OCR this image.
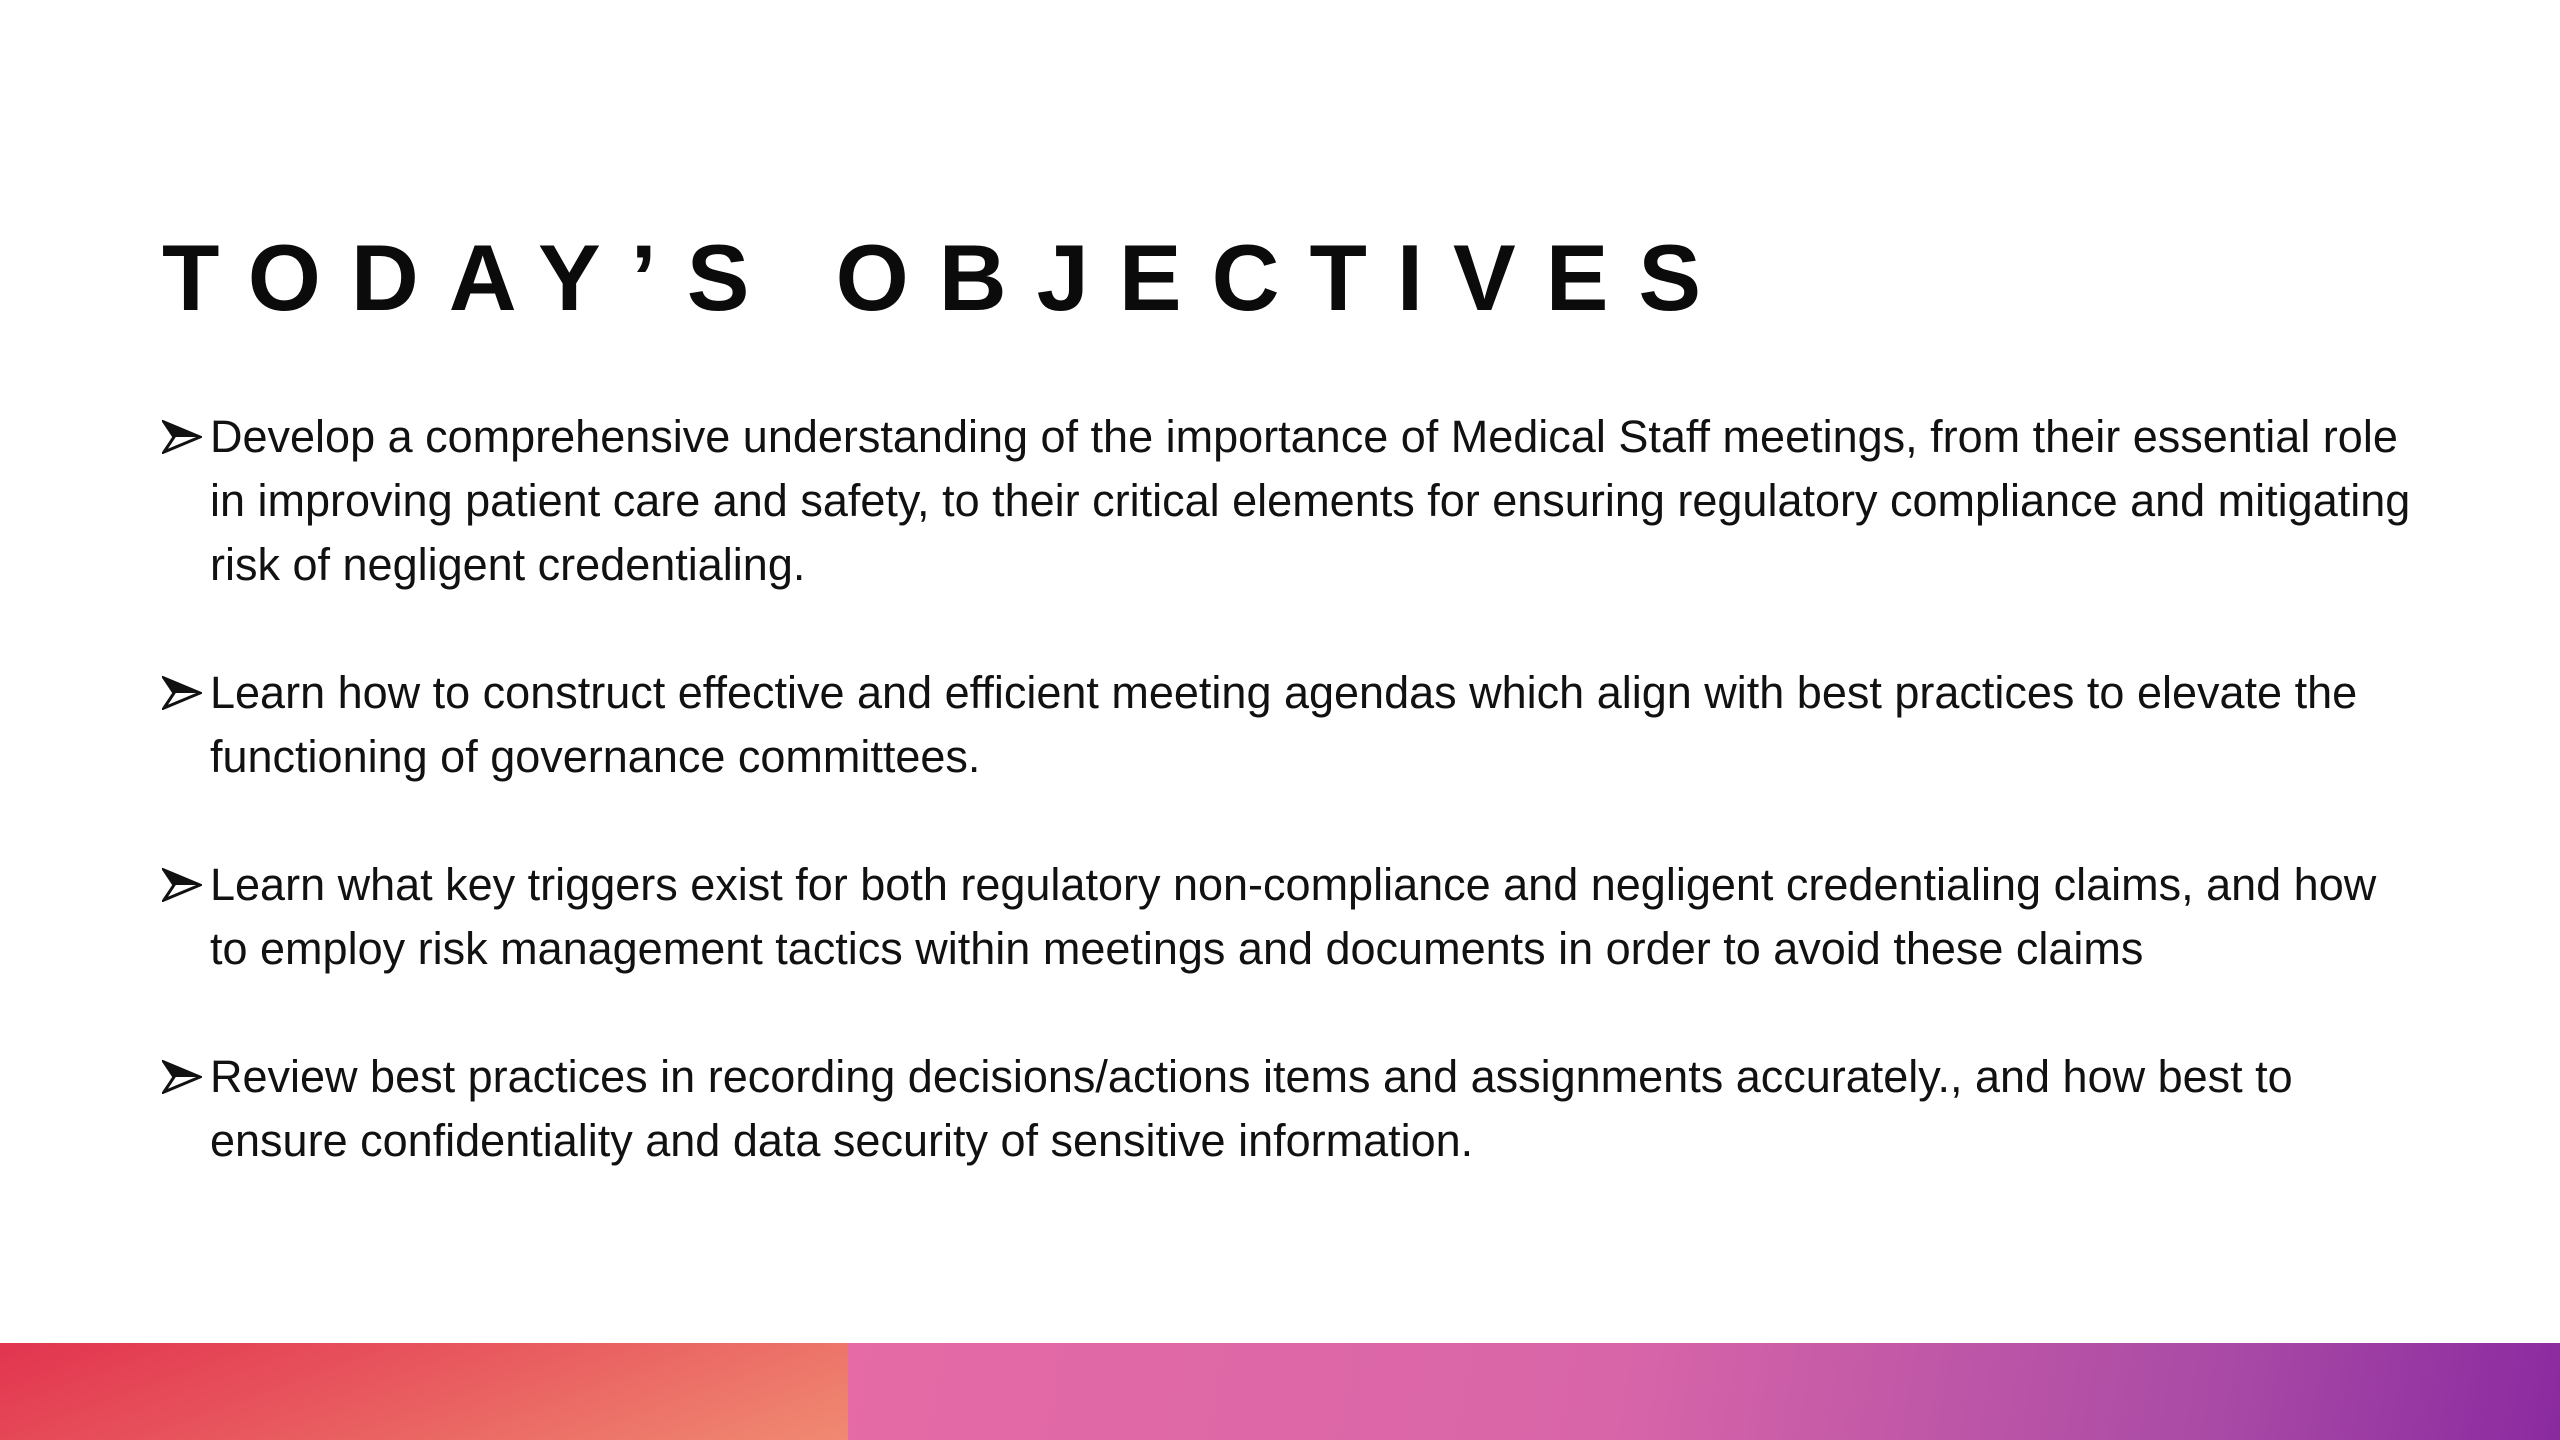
TODAY’S OBJECTIVES
Develop a comprehensive understanding of the importance of Medical Staff meetings, from their essential role in improving patient care and safety, to their critical elements for ensuring regulatory compliance and mitigating risk of negligent credentialing.
Learn how to construct effective and efficient meeting agendas which align with best practices to elevate the functioning of governance committees.
Learn what key triggers exist for both regulatory non-compliance and negligent credentialing claims, and how to employ risk management tactics within meetings and documents in order to avoid these claims
Review best practices in recording decisions/actions items and assignments accurately., and how best to ensure confidentiality and data security of sensitive information.
